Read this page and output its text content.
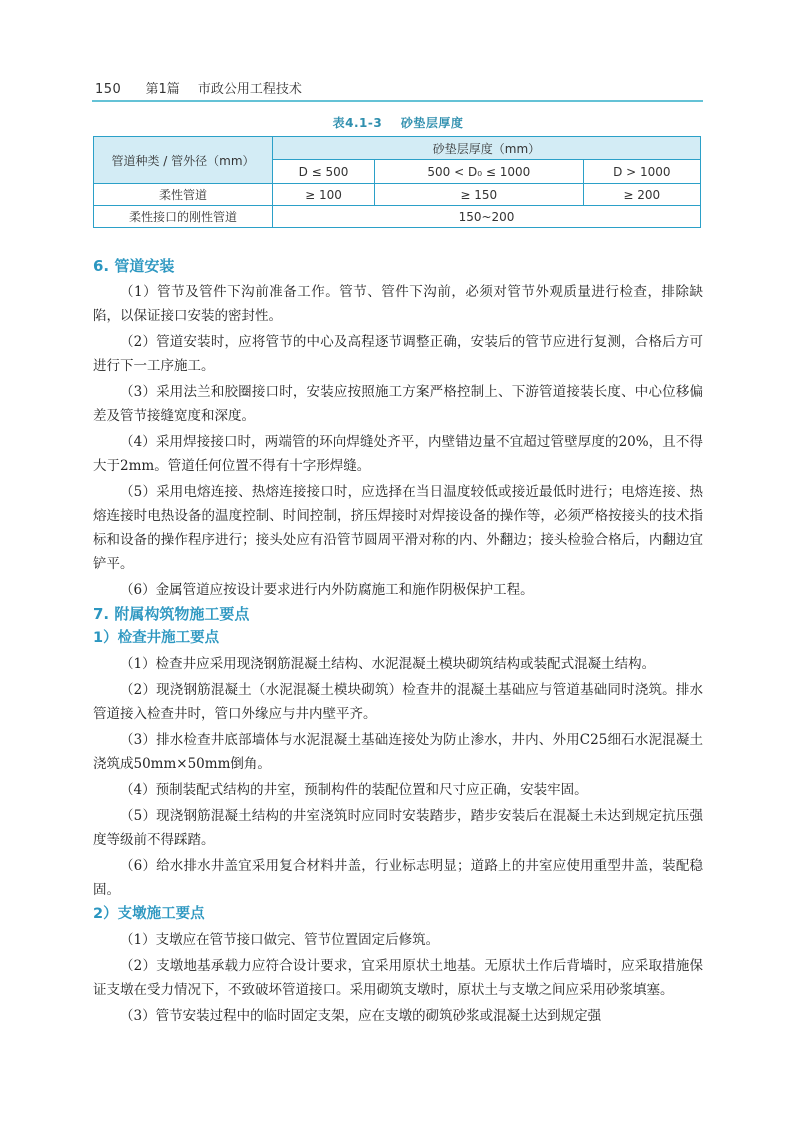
150 第1篇 市政公用工程技术
表4.1-3 砂垫层厚度
管道种类 / 管外径（mm）	砂垫层厚度（mm）		
	D ≤ 500	500 < D₀ ≤ 1000	D > 1000
柔性管道	≥ 100	≥ 150	≥ 200
柔性接口的刚性管道	150~200		
6. 管道安装

（1）管节及管件下沟前准备工作。管节、管件下沟前，必须对管节外观质量进行检查，排除缺陷，以保证接口安装的密封性。

（2）管道安装时，应将管节的中心及高程逐节调整正确，安装后的管节应进行复测，合格后方可进行下一工序施工。

（3）采用法兰和胶圈接口时，安装应按照施工方案严格控制上、下游管道接装长度、中心位移偏差及管节接缝宽度和深度。

（4）采用焊接接口时，两端管的环向焊缝处齐平，内壁错边量不宜超过管壁厚度的20%，且不得大于2mm。管道任何位置不得有十字形焊缝。

（5）采用电熔连接、热熔连接接口时，应选择在当日温度较低或接近最低时进行；电熔连接、热熔连接时电热设备的温度控制、时间控制，挤压焊接时对焊接设备的操作等，必须严格按接头的技术指标和设备的操作程序进行；接头处应有沿管节圆周平滑对称的内、外翻边；接头检验合格后，内翻边宜铲平。

（6）金属管道应按设计要求进行内外防腐施工和施作阴极保护工程。

7. 附属构筑物施工要点
1）检查井施工要点

（1）检查井应采用现浇钢筋混凝土结构、水泥混凝土模块砌筑结构或装配式混凝土结构。

（2）现浇钢筋混凝土（水泥混凝土模块砌筑）检查井的混凝土基础应与管道基础同时浇筑。排水管道接入检查井时，管口外缘应与井内壁平齐。

（3）排水检查井底部墙体与水泥混凝土基础连接处为防止渗水，井内、外用C25细石水泥混凝土浇筑成50mm×50mm倒角。

（4）预制装配式结构的井室，预制构件的装配位置和尺寸应正确，安装牢固。

（5）现浇钢筋混凝土结构的井室浇筑时应同时安装踏步，踏步安装后在混凝土未达到规定抗压强度等级前不得踩踏。

（6）给水排水井盖宜采用复合材料井盖，行业标志明显；道路上的井室应使用重型井盖，装配稳固。

2）支墩施工要点

（1）支墩应在管节接口做完、管节位置固定后修筑。

（2）支墩地基承载力应符合设计要求，宜采用原状土地基。无原状土作后背墙时，应采取措施保证支墩在受力情况下，不致破坏管道接口。采用砌筑支墩时，原状土与支墩之间应采用砂浆填塞。

（3）管节安装过程中的临时固定支架，应在支墩的砌筑砂浆或混凝土达到规定强
